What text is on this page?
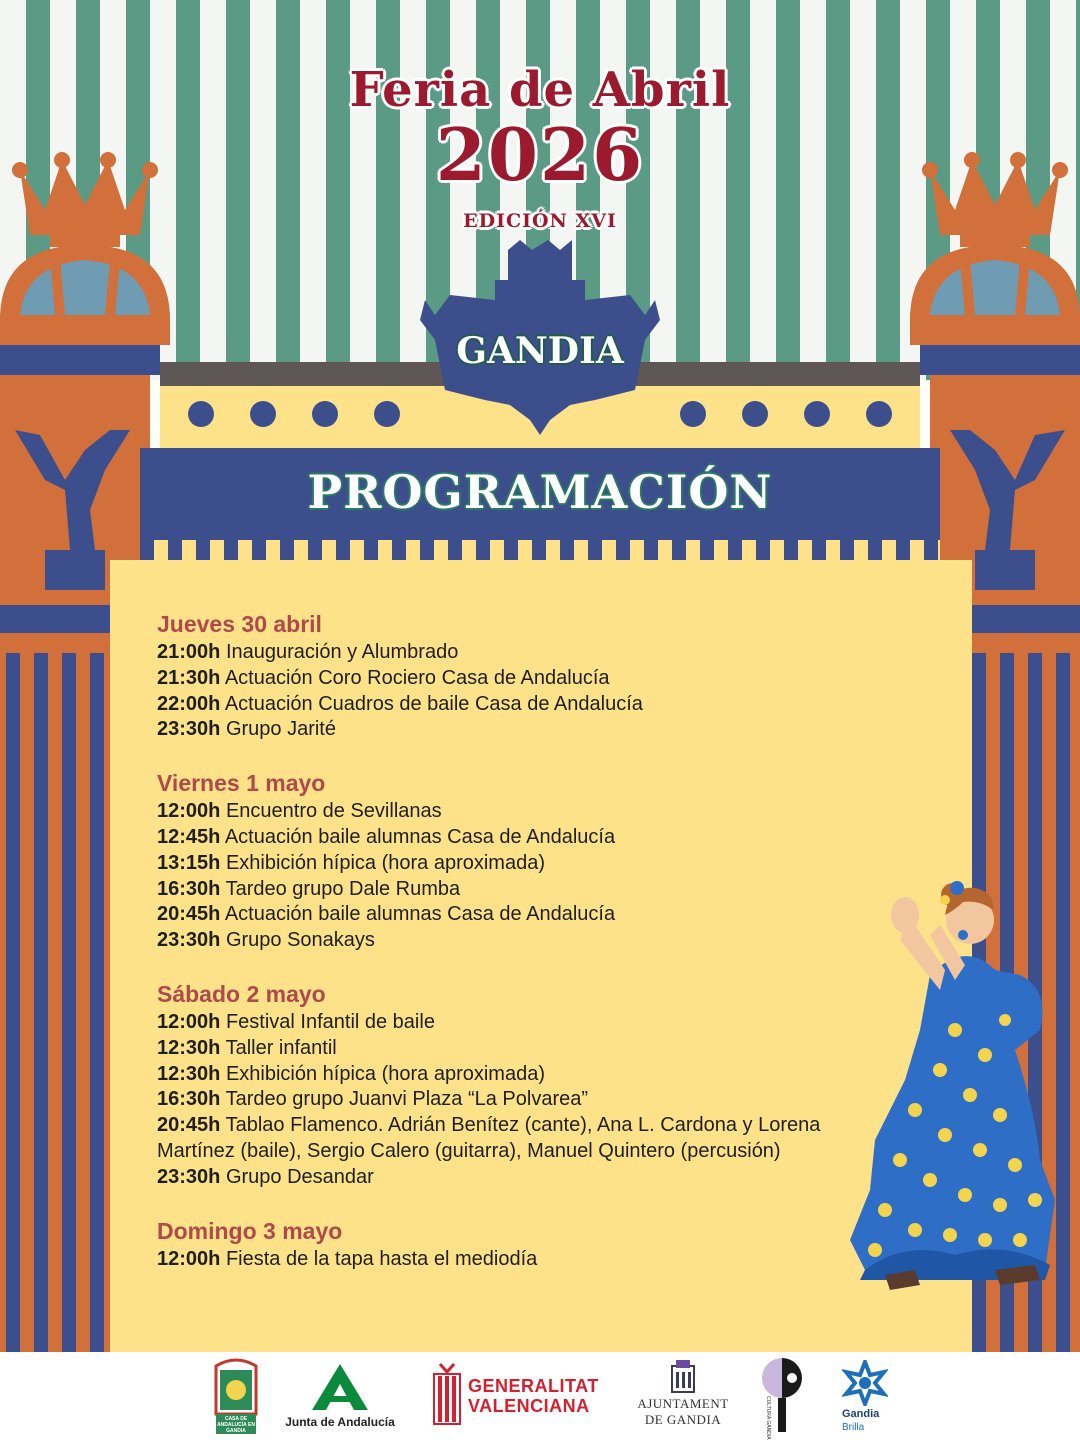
GANDIA
Feria de Abril
2026
EDICIÓN XVI
PROGRAMACIÓN
Jueves 30 abril
21:00h Inauguración y Alumbrado
21:30h Actuación Coro Rociero Casa de Andalucía
22:00h Actuación Cuadros de baile Casa de Andalucía
23:30h Grupo Jarité
Viernes 1 mayo
12:00h Encuentro de Sevillanas
12:45h Actuación baile alumnas Casa de Andalucía
13:15h Exhibición hípica (hora aproximada)
16:30h Tardeo grupo Dale Rumba
20:45h Actuación baile alumnas Casa de Andalucía
23:30h Grupo Sonakays
Sábado 2 mayo
12:00h Festival Infantil de baile
12:30h Taller infantil
12:30h Exhibición hípica (hora aproximada)
16:30h Tardeo grupo Juanvi Plaza “La Polvarea”
20:45h Tablao Flamenco. Adrián Benítez (cante), Ana L. Cardona y Lorena Martínez (baile), Sergio Calero (guitarra), Manuel Quintero (percusión)
23:30h Grupo Desandar
Domingo 3 mayo
12:00h Fiesta de la tapa hasta el mediodía
CASA DE ANDALUCÍA EN GANDIA
Junta de Andalucía
GENERALITAT
VALENCIANA	AJUNTAMENT
DE GANDIA	CULTURA GANDIA	Gandia
Brilla
